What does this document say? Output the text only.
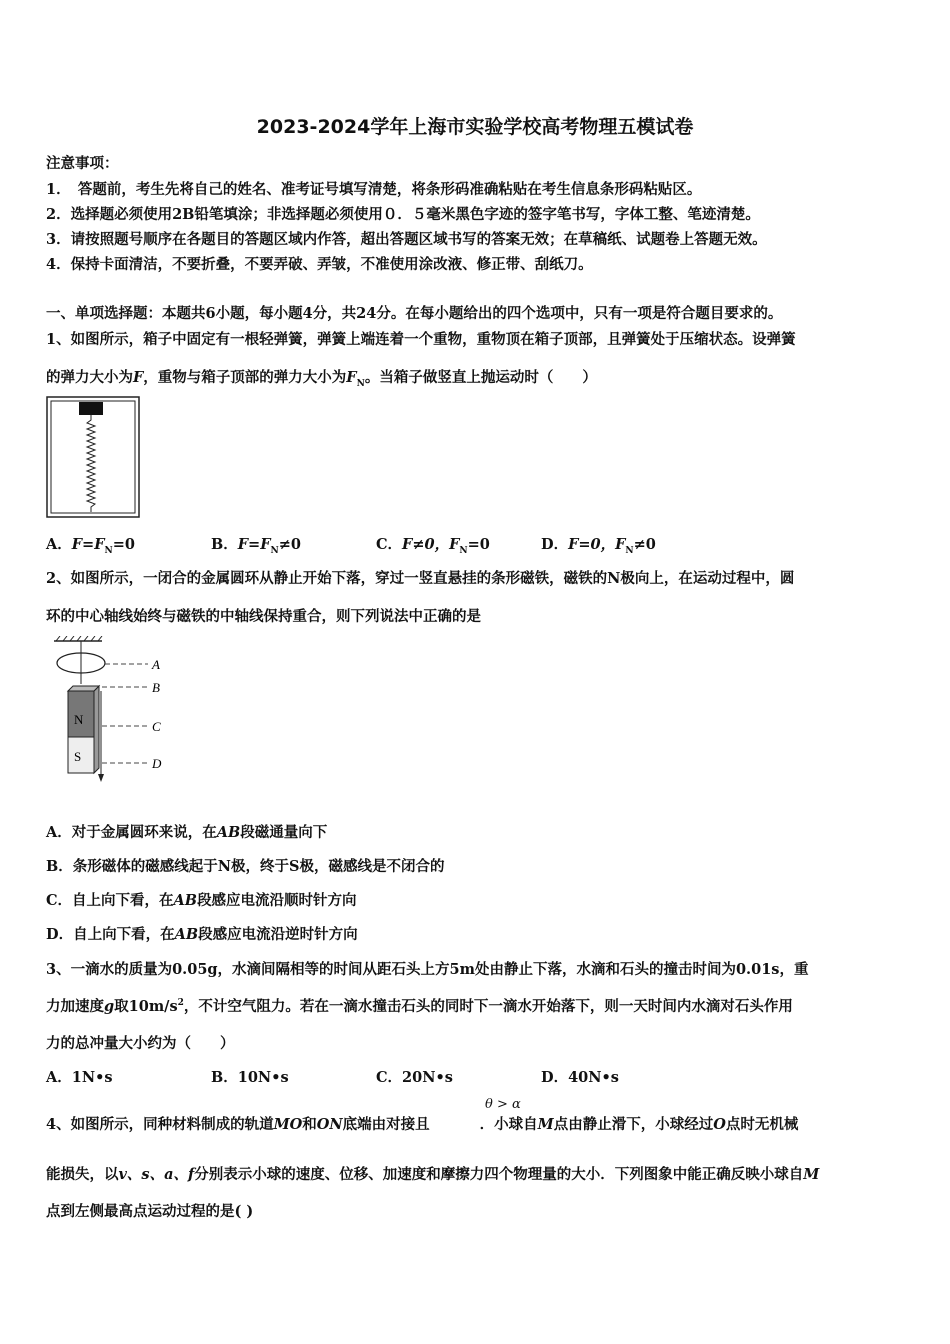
2023-2024学年上海市实验学校高考物理五模试卷
注意事项：
1．　答题前，考生先将自己的姓名、准考证号填写清楚，将条形码准确粘贴在考生信息条形码粘贴区。
2．选择题必须使用2B铅笔填涂；非选择题必须使用０．５毫米黑色字迹的签字笔书写，字体工整、笔迹清楚。
3．请按照题号顺序在各题目的答题区域内作答，超出答题区域书写的答案无效；在草稿纸、试题卷上答题无效。
4．保持卡面清洁，不要折叠，不要弄破、弄皱，不准使用涂改液、修正带、刮纸刀。
一、单项选择题：本题共6小题，每小题4分，共24分。在每小题给出的四个选项中，只有一项是符合题目要求的。
1、如图所示，箱子中固定有一根轻弹簧，弹簧上端连着一个重物，重物顶在箱子顶部，且弹簧处于压缩状态。设弹簧
的弹力大小为F，重物与箱子顶部的弹力大小为$F_N$。当箱子做竖直上抛运动时（　　）
A．$F=F_N=0$	B．$F=F_N\ne 0$	C．F≠0，$F_N=0$	D．F=0，$F_N\ne 0$
2、如图所示，一闭合的金属圆环从静止开始下落，穿过一竖直悬挂的条形磁铁，磁铁的N极向上，在运动过程中，圆
环的中心轴线始终与磁铁的中轴线保持重合，则下列说法中正确的是
N
S
A
B
C
D
A．对于金属圆环来说，在AB段磁通量向下
B．条形磁体的磁感线起于N极，终于S极，磁感线是不闭合的
C．自上向下看，在AB段感应电流沿顺时针方向
D．自上向下看，在AB段感应电流沿逆时针方向
3、一滴水的质量为0.05g，水滴间隔相等的时间从距石头上方5m处由静止下落，水滴和石头的撞击时间为0.01s，重
力加速度g取$10m/s^2$，不计空气阻力。若在一滴水撞击石头的同时下一滴水开始落下，则一天时间内水滴对石头作用
力的总冲量大小约为（　　）
A．1N•s	B．10N•s	C．20N•s	D．40N•s
θ > α
4、如图所示，同种材料制成的轨道MO和ON底端由对接且	．小球自M点由静止滑下，小球经过O点时无机械
能损失，以v、s、a、f分别表示小球的速度、位移、加速度和摩擦力四个物理量的大小．下列图象中能正确反映小球自M
点到左侧最高点运动过程的是( )
